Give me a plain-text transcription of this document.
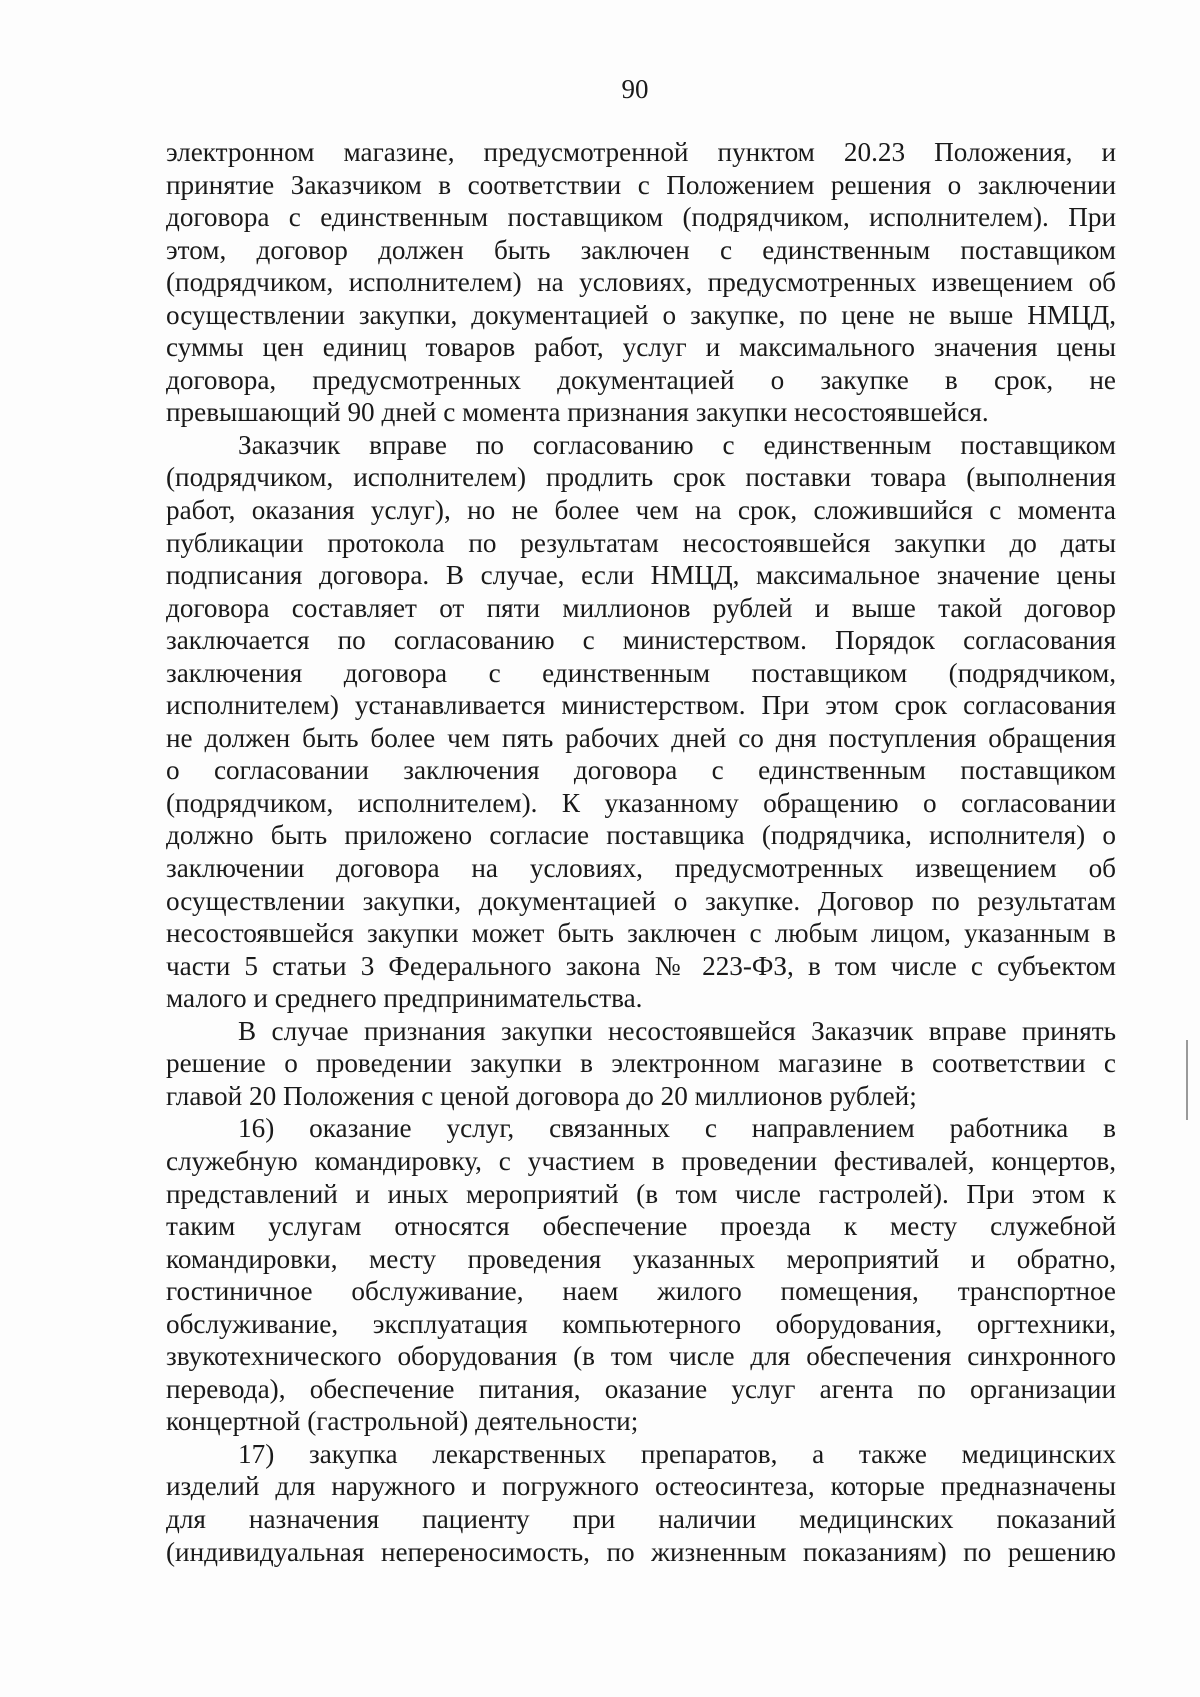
90
электронном магазине, предусмотренной пунктом 20.23 Положения, и
принятие Заказчиком в соответствии с Положением решения о заключении
договора с единственным поставщиком (подрядчиком, исполнителем). При
этом, договор должен быть заключен с единственным поставщиком
(подрядчиком, исполнителем) на условиях, предусмотренных извещением об
осуществлении закупки, документацией о закупке, по цене не выше НМЦД,
суммы цен единиц товаров работ, услуг и максимального значения цены
договора, предусмотренных документацией о закупке в срок, не
превышающий 90 дней с момента признания закупки несостоявшейся.
Заказчик вправе по согласованию с единственным поставщиком
(подрядчиком, исполнителем) продлить срок поставки товара (выполнения
работ, оказания услуг), но не более чем на срок, сложившийся с момента
публикации протокола по результатам несостоявшейся закупки до даты
подписания договора. В случае, если НМЦД, максимальное значение цены
договора составляет от пяти миллионов рублей и выше такой договор
заключается по согласованию с министерством. Порядок согласования
заключения договора с единственным поставщиком (подрядчиком,
исполнителем) устанавливается министерством. При этом срок согласования
не должен быть более чем пять рабочих дней со дня поступления обращения
о согласовании заключения договора с единственным поставщиком
(подрядчиком, исполнителем). К указанному обращению о согласовании
должно быть приложено согласие поставщика (подрядчика, исполнителя) о
заключении договора на условиях, предусмотренных извещением об
осуществлении закупки, документацией о закупке. Договор по результатам
несостоявшейся закупки может быть заключен с любым лицом, указанным в
части 5 статьи 3 Федерального закона № 223-ФЗ, в том числе с субъектом
малого и среднего предпринимательства.
В случае признания закупки несостоявшейся Заказчик вправе принять
решение о проведении закупки в электронном магазине в соответствии с
главой 20 Положения с ценой договора до 20 миллионов рублей;
16) оказание услуг, связанных с направлением работника в
служебную командировку, с участием в проведении фестивалей, концертов,
представлений и иных мероприятий (в том числе гастролей). При этом к
таким услугам относятся обеспечение проезда к месту служебной
командировки, месту проведения указанных мероприятий и обратно,
гостиничное обслуживание, наем жилого помещения, транспортное
обслуживание, эксплуатация компьютерного оборудования, оргтехники,
звукотехнического оборудования (в том числе для обеспечения синхронного
перевода), обеспечение питания, оказание услуг агента по организации
концертной (гастрольной) деятельности;
17) закупка лекарственных препаратов, а также медицинских
изделий для наружного и погружного остеосинтеза, которые предназначены
для назначения пациенту при наличии медицинских показаний
(индивидуальная непереносимость, по жизненным показаниям) по решению
